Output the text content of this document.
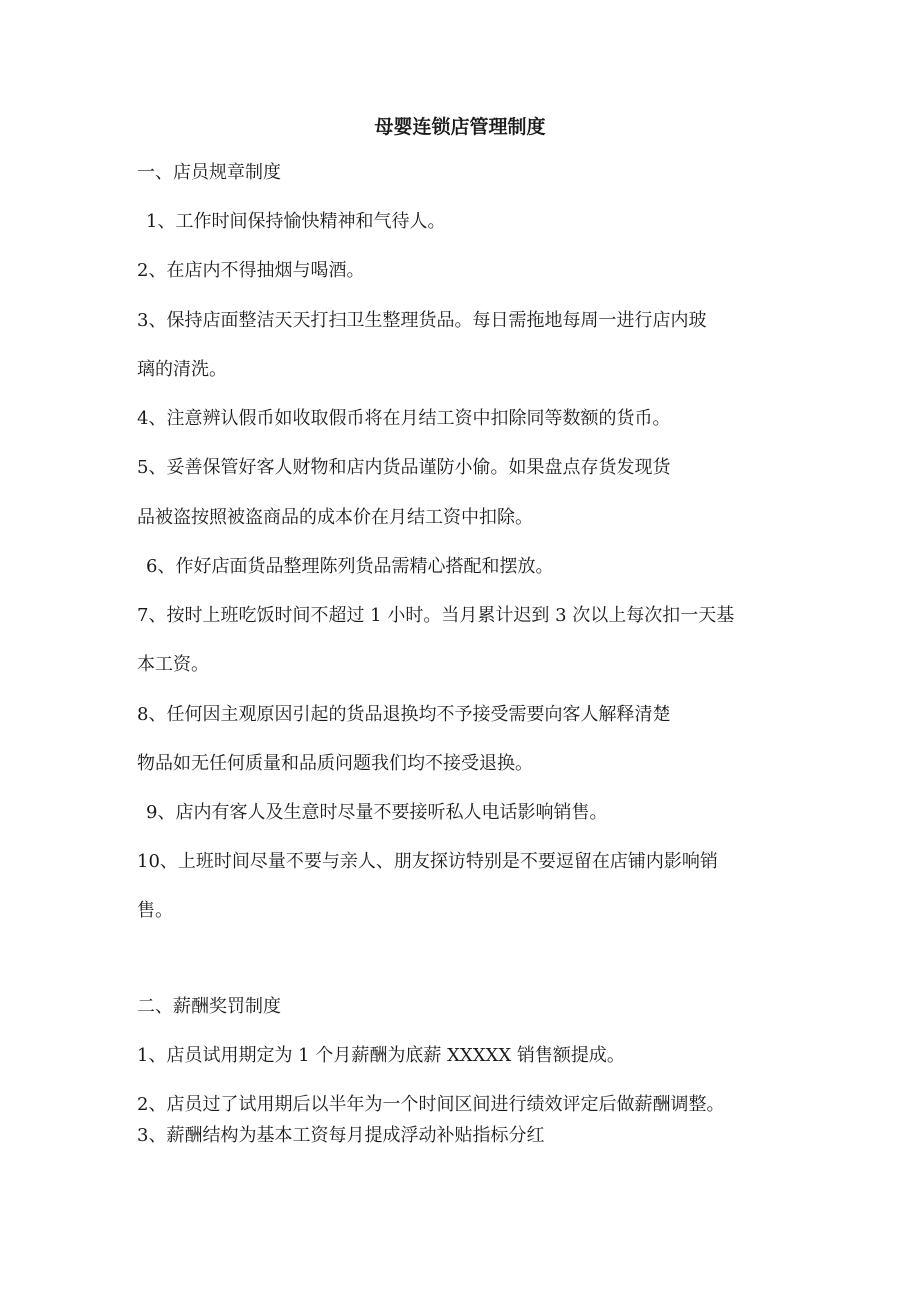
母婴连锁店管理制度
一、店员规章制度
1、工作时间保持愉快精神和气待人。
2、在店内不得抽烟与喝酒。
3、保持店面整洁天天打扫卫生整理货品。每日需拖地每周一进行店内玻
璃的清洗。
4、注意辨认假币如收取假币将在月结工资中扣除同等数额的货币。
5、妥善保管好客人财物和店内货品谨防小偷。如果盘点存货发现货
品被盗按照被盗商品的成本价在月结工资中扣除。
6、作好店面货品整理陈列货品需精心搭配和摆放。
7、按时上班吃饭时间不超过 1 小时。当月累计迟到 3 次以上每次扣一天基
本工资。
8、任何因主观原因引起的货品退换均不予接受需要向客人解释清楚
物品如无任何质量和品质问题我们均不接受退换。
9、店内有客人及生意时尽量不要接听私人电话影响销售。
10、上班时间尽量不要与亲人、朋友探访特别是不要逗留在店铺内影响销
售。
二、薪酬奖罚制度
1、店员试用期定为 1 个月薪酬为底薪 XXXXX 销售额提成。
2、店员过了试用期后以半年为一个时间区间进行绩效评定后做薪酬调整。
3、薪酬结构为基本工资每月提成浮动补贴指标分红
